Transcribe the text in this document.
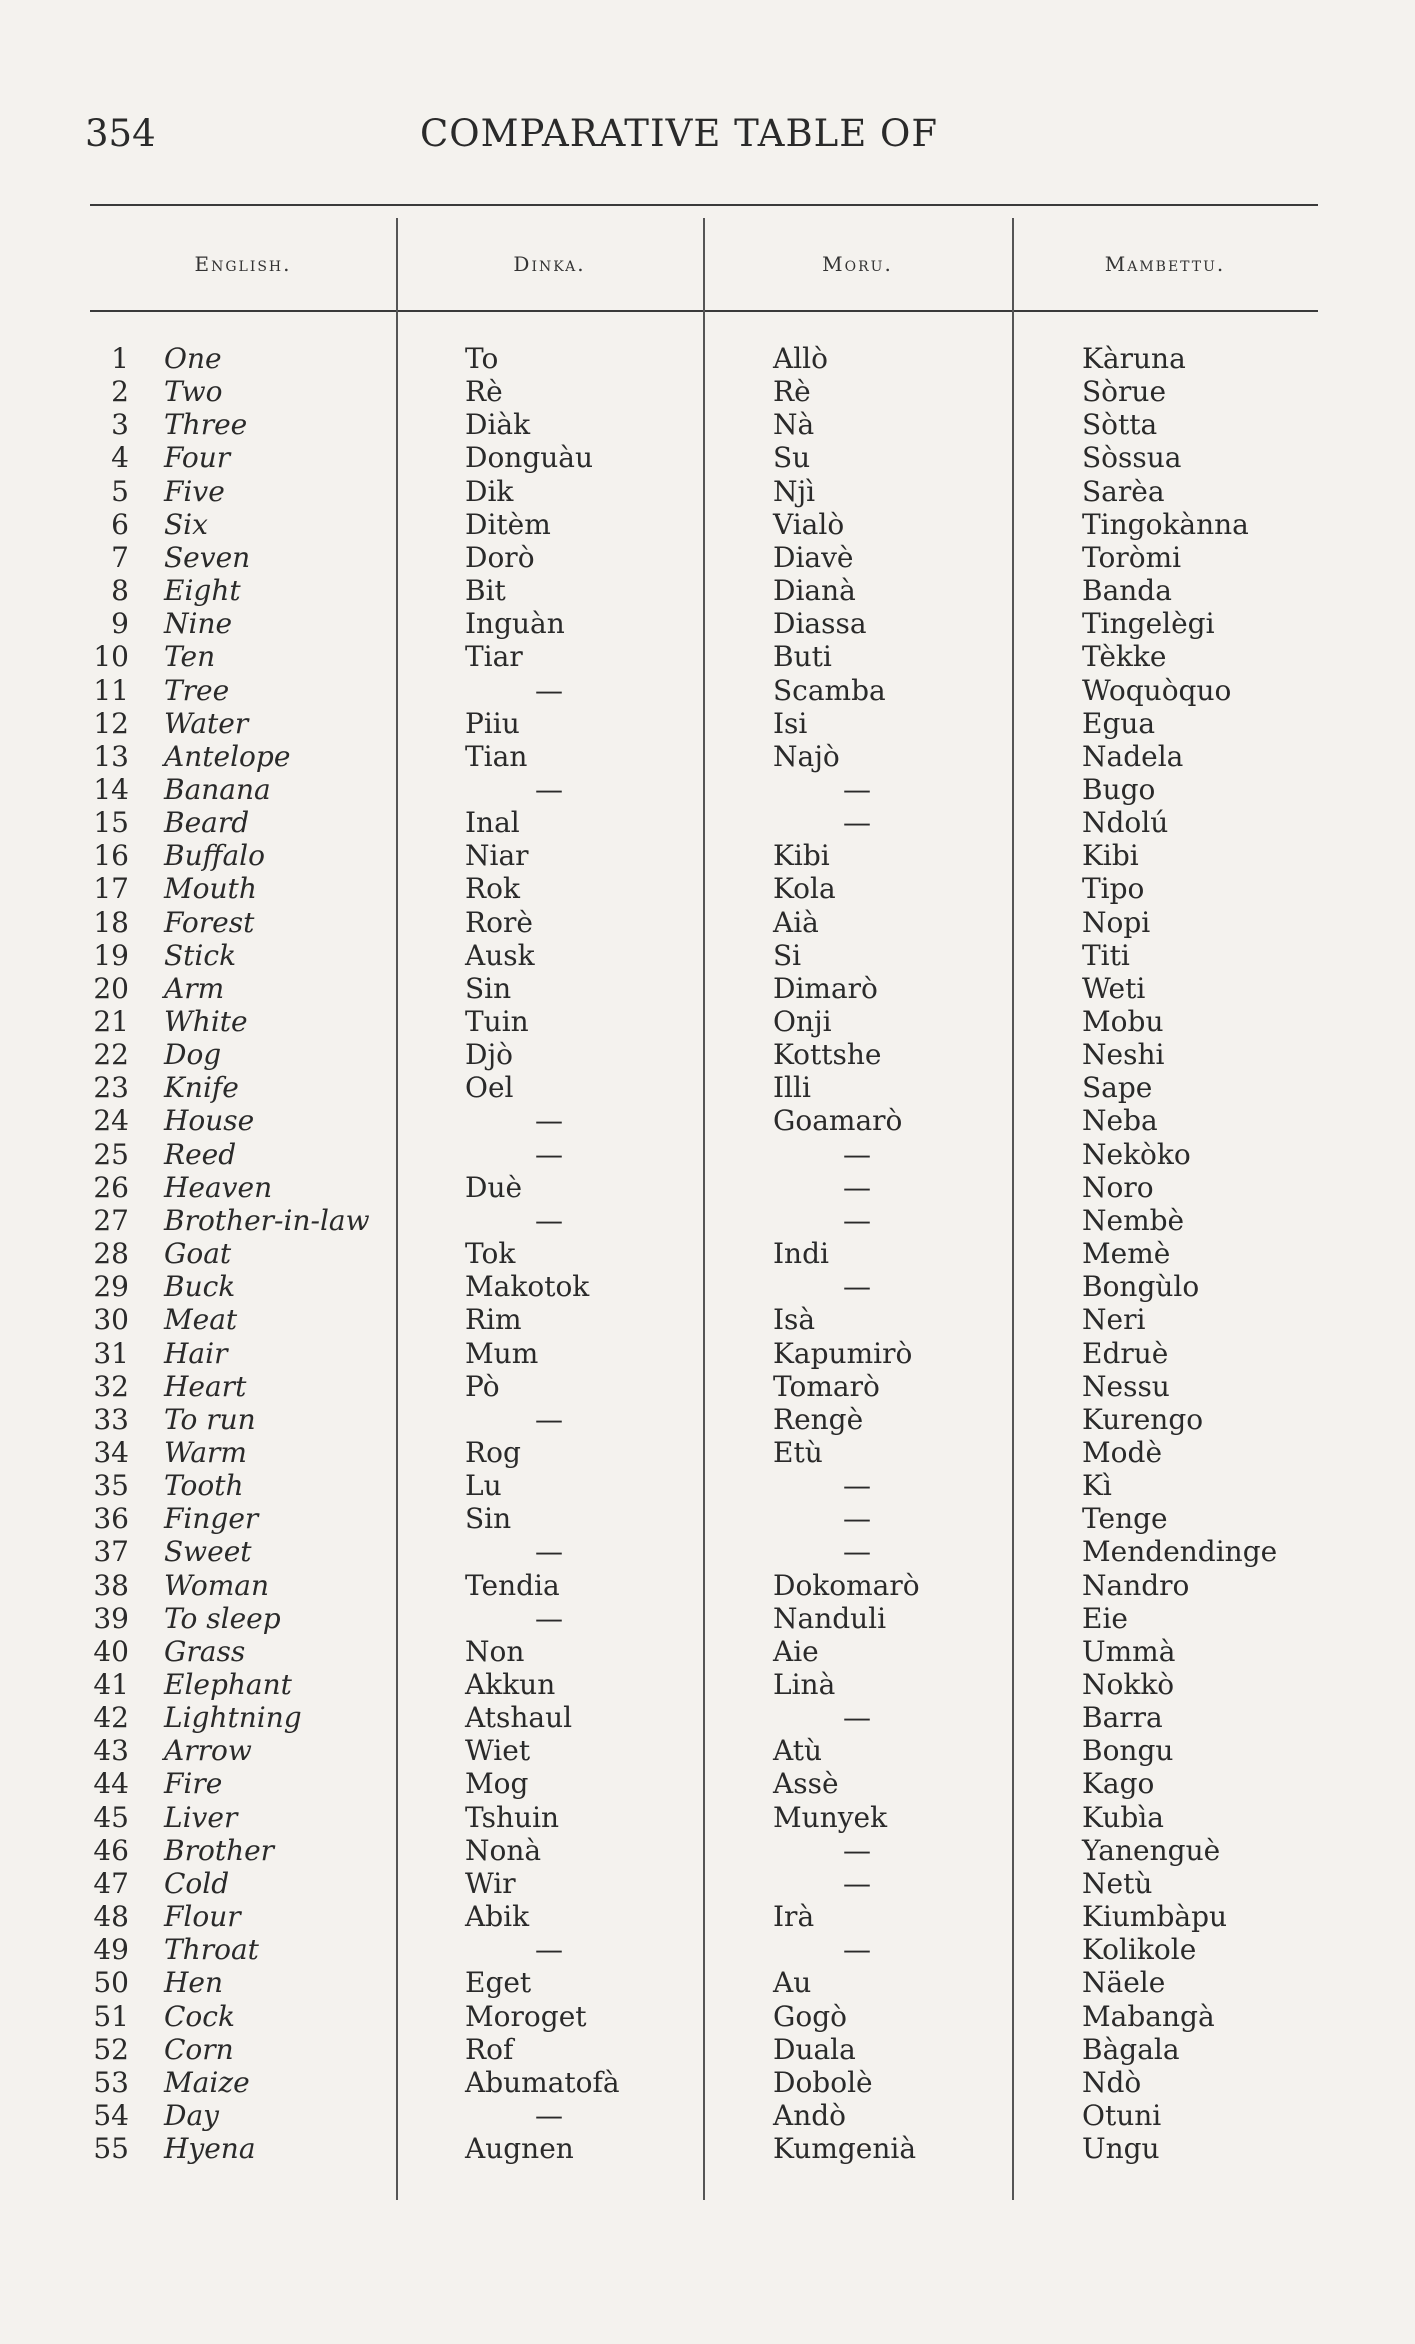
354	COMPARATIVE TABLE OF
English.	Dinka.	Moru.	Mambettu.
1 One	To	Allò	Kàruna
2 Two	Rè	Rè	Sòrue
3 Three	Diàk	Nà	Sòtta
4 Four	Donguàu	Su	Sòssua
5 Five	Dik	Njì	Sarèa
6 Six	Ditèm	Vialò	Tingokànna
7 Seven	Dorò	Diavè	Toròmi
8 Eight	Bit	Dianà	Banda
9 Nine	Inguàn	Diassa	Tingelègi
10 Ten	Tiar	Buti	Tèkke
11 Tree	—	Scamba	Woquòquo
12 Water	Piiu	Isi	Egua
13 Antelope	Tian	Najò	Nadela
14 Banana	—	—	Bugo
15 Beard	Inal	—	Ndolú
16 Buffalo	Niar	Kibi	Kibi
17 Mouth	Rok	Kola	Tipo
18 Forest	Rorè	Aià	Nopi
19 Stick	Ausk	Si	Titi
20 Arm	Sin	Dimarò	Weti
21 White	Tuin	Onji	Mobu
22 Dog	Djò	Kottshe	Neshi
23 Knife	Oel	Illi	Sape
24 House	—	Goamarò	Neba
25 Reed	—	—	Nekòko
26 Heaven	Duè	—	Noro
27 Brother-in-law	—	—	Nembè
28 Goat	Tok	Indi	Memè
29 Buck	Makotok	—	Bongùlo
30 Meat	Rim	Isà	Neri
31 Hair	Mum	Kapumirò	Edruè
32 Heart	Pò	Tomarò	Nessu
33 To run	—	Rengè	Kurengo
34 Warm	Rog	Etù	Modè
35 Tooth	Lu	—	Kì
36 Finger	Sin	—	Tenge
37 Sweet	—	—	Mendendinge
38 Woman	Tendia	Dokomarò	Nandro
39 To sleep	—	Nanduli	Eie
40 Grass	Non	Aie	Ummà
41 Elephant	Akkun	Linà	Nokkò
42 Lightning	Atshaul	—	Barra
43 Arrow	Wiet	Atù	Bongu
44 Fire	Mog	Assè	Kago
45 Liver	Tshuin	Munyek	Kubìa
46 Brother	Nonà	—	Yanenguè
47 Cold	Wir	—	Netù
48 Flour	Abik	Irà	Kiumbàpu
49 Throat	—	—	Kolikole
50 Hen	Eget	Au	Näele
51 Cock	Moroget	Gogò	Mabangà
52 Corn	Rof	Duala	Bàgala
53 Maize	Abumatofà	Dobolè	Ndò
54 Day	—	Andò	Otuni
55 Hyena	Augnen	Kumgenià	Ungu
